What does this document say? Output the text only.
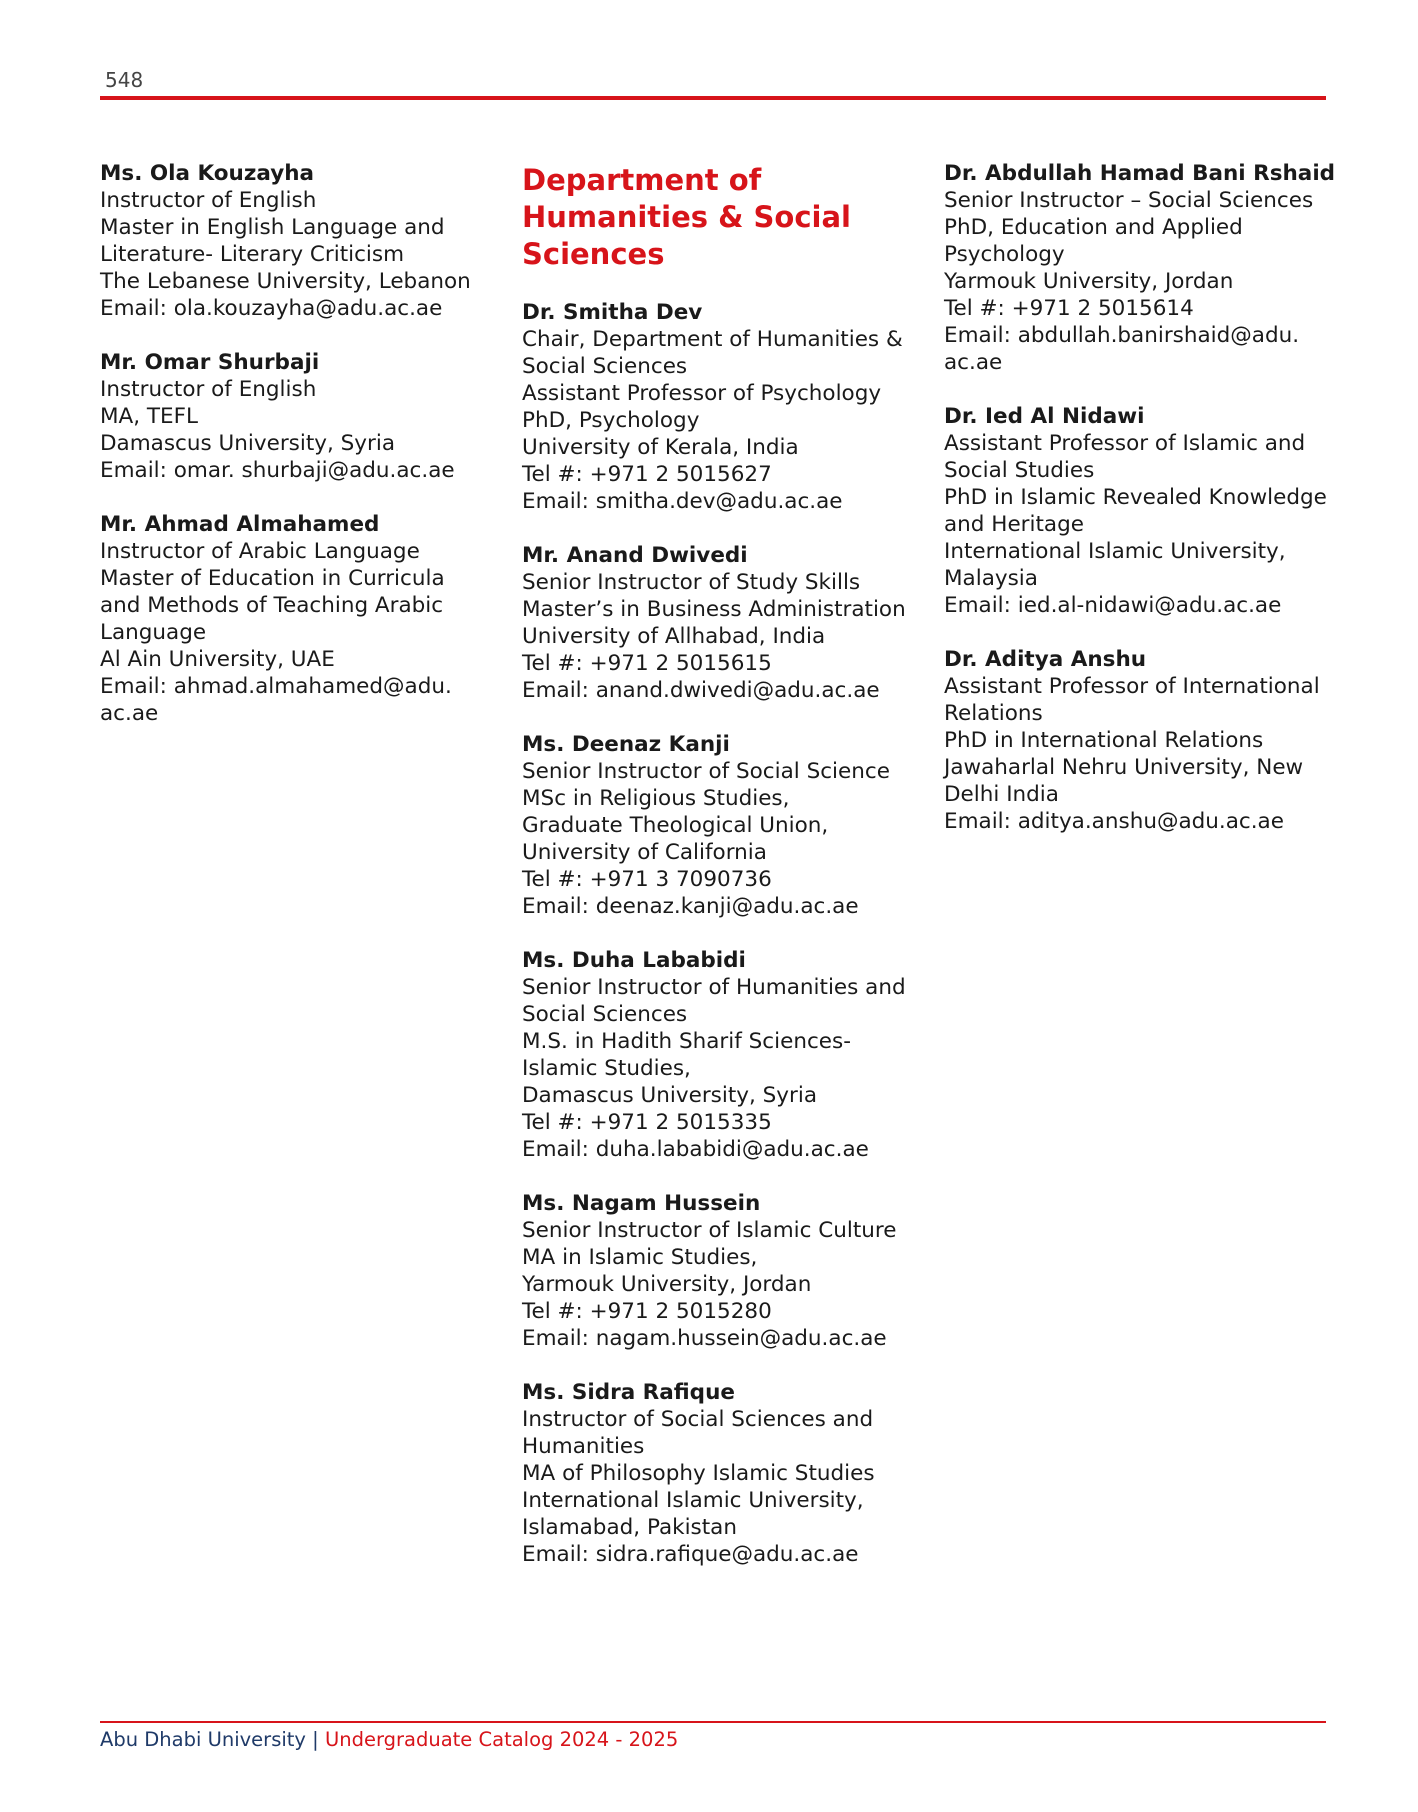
548
Ms. Ola Kouzayha
Instructor of English
Master in English Language and
Literature- Literary Criticism
The Lebanese University, Lebanon
Email: ola.kouzayha@adu.ac.ae
Mr. Omar Shurbaji
Instructor of English
MA, TEFL
Damascus University, Syria
Email: omar. shurbaji@adu.ac.ae
Mr. Ahmad Almahamed
Instructor of Arabic Language
Master of Education in Curricula
and Methods of Teaching Arabic
Language
Al Ain University, UAE
Email: ahmad.almahamed@adu.
ac.ae
Department of
Humanities & Social
Sciences
Dr. Smitha Dev
Chair, Department of Humanities &
Social Sciences
Assistant Professor of Psychology
PhD, Psychology
University of Kerala, India
Tel #: +971 2 5015627
Email: smitha.dev@adu.ac.ae
Mr. Anand Dwivedi
Senior Instructor of Study Skills
Master’s in Business Administration
University of Allhabad, India
Tel #: +971 2 5015615
Email: anand.dwivedi@adu.ac.ae
Ms. Deenaz Kanji
Senior Instructor of Social Science
MSc in Religious Studies,
Graduate Theological Union,
University of California
Tel #: +971 3 7090736
Email: deenaz.kanji@adu.ac.ae
Ms. Duha Lababidi
Senior Instructor of Humanities and
Social Sciences
M.S. in Hadith Sharif Sciences-
Islamic Studies,
Damascus University, Syria
Tel #: +971 2 5015335
Email: duha.lababidi@adu.ac.ae
Ms. Nagam Hussein
Senior Instructor of Islamic Culture
MA in Islamic Studies,
Yarmouk University, Jordan
Tel #: +971 2 5015280
Email: nagam.hussein@adu.ac.ae
Ms. Sidra Rafique
Instructor of Social Sciences and
Humanities
MA of Philosophy Islamic Studies
International Islamic University,
Islamabad, Pakistan
Email: sidra.rafique@adu.ac.ae
Dr. Abdullah Hamad Bani Rshaid
Senior Instructor – Social Sciences
PhD, Education and Applied
Psychology
Yarmouk University, Jordan
Tel #: +971 2 5015614
Email: abdullah.banirshaid@adu.
ac.ae
Dr. Ied Al Nidawi
Assistant Professor of Islamic and
Social Studies
PhD in Islamic Revealed Knowledge
and Heritage
International Islamic University,
Malaysia
Email: ied.al-nidawi@adu.ac.ae
Dr. Aditya Anshu
Assistant Professor of International
Relations
PhD in International Relations
Jawaharlal Nehru University, New
Delhi India
Email: aditya.anshu@adu.ac.ae
Abu Dhabi University | Undergraduate Catalog 2024 - 2025
